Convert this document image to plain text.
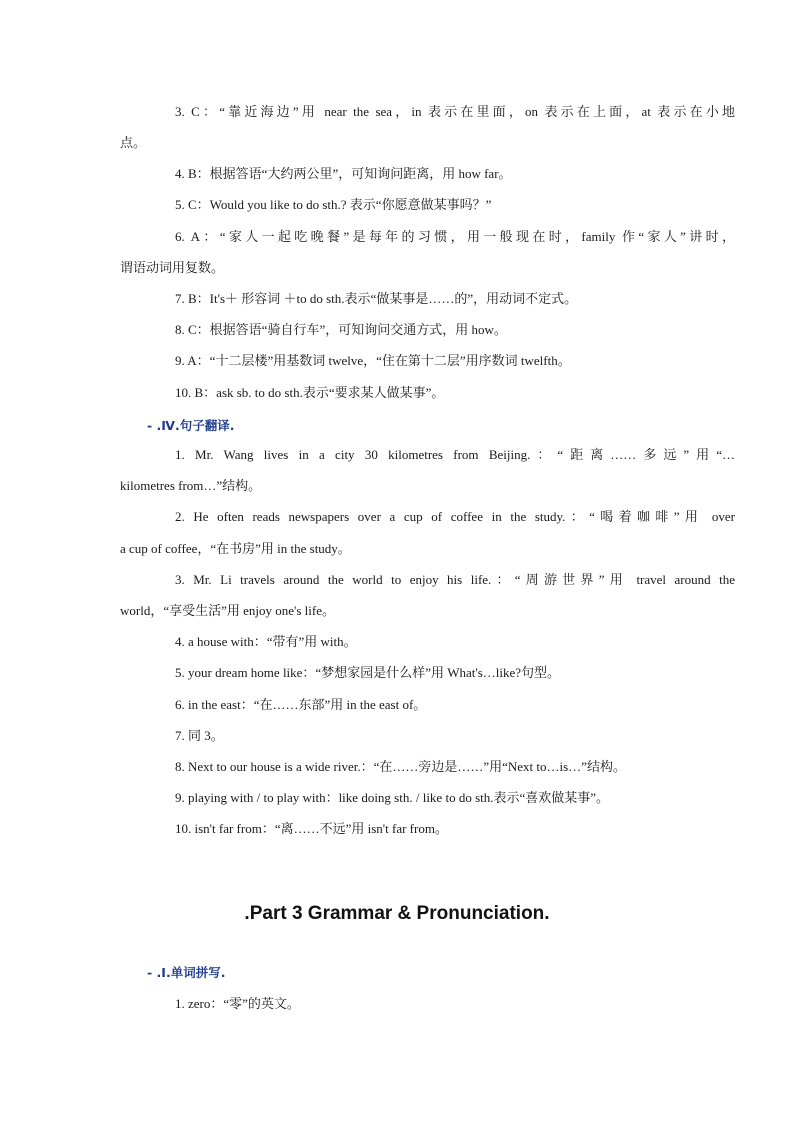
3. C：“靠近海边”用 near the sea，in 表示在里面，on 表示在上面，at 表示在小地
点。
4. B：根据答语“大约两公里”，可知询问距离，用 how far。
5. C：Would you like to do sth.? 表示“你愿意做某事吗？”
6. A：“家人一起吃晚餐”是每年的习惯，用一般现在时，family 作“家人”讲时，
谓语动词用复数。
7. B：It's＋ 形容词 ＋to do sth.表示“做某事是……的”，用动词不定式。
8. C：根据答语“骑自行车”，可知询问交通方式，用 how。
9. A：“十二层楼”用基数词 twelve，“住在第十二层”用序数词 twelfth。
10. B：ask sb. to do sth.表示“要求某人做某事”。
- .Ⅳ.句子翻译.
1. Mr. Wang lives in a city 30 kilometres from Beijing.：“距离……多远”用“…
kilometres from…”结构。
2. He often reads newspapers over a cup of coffee in the study.：“喝着咖啡”用 over
a cup of coffee，“在书房”用 in the study。
3. Mr. Li travels around the world to enjoy his life.：“周游世界”用 travel around the
world，“享受生活”用 enjoy one's life。
4. a house with：“带有”用 with。
5. your dream home like：“梦想家园是什么样”用 What's…like?句型。
6. in the east：“在……东部”用 in the east of。
7. 同 3。
8. Next to our house is a wide river.：“在……旁边是……”用“Next to…is…”结构。
9. playing with / to play with：like doing sth. / like to do sth.表示“喜欢做某事”。
10. isn't far from：“离……不远”用 isn't far from。
.Part 3 Grammar & Pronunciation.
- .Ⅰ.单词拼写.
1. zero：“零”的英文。
